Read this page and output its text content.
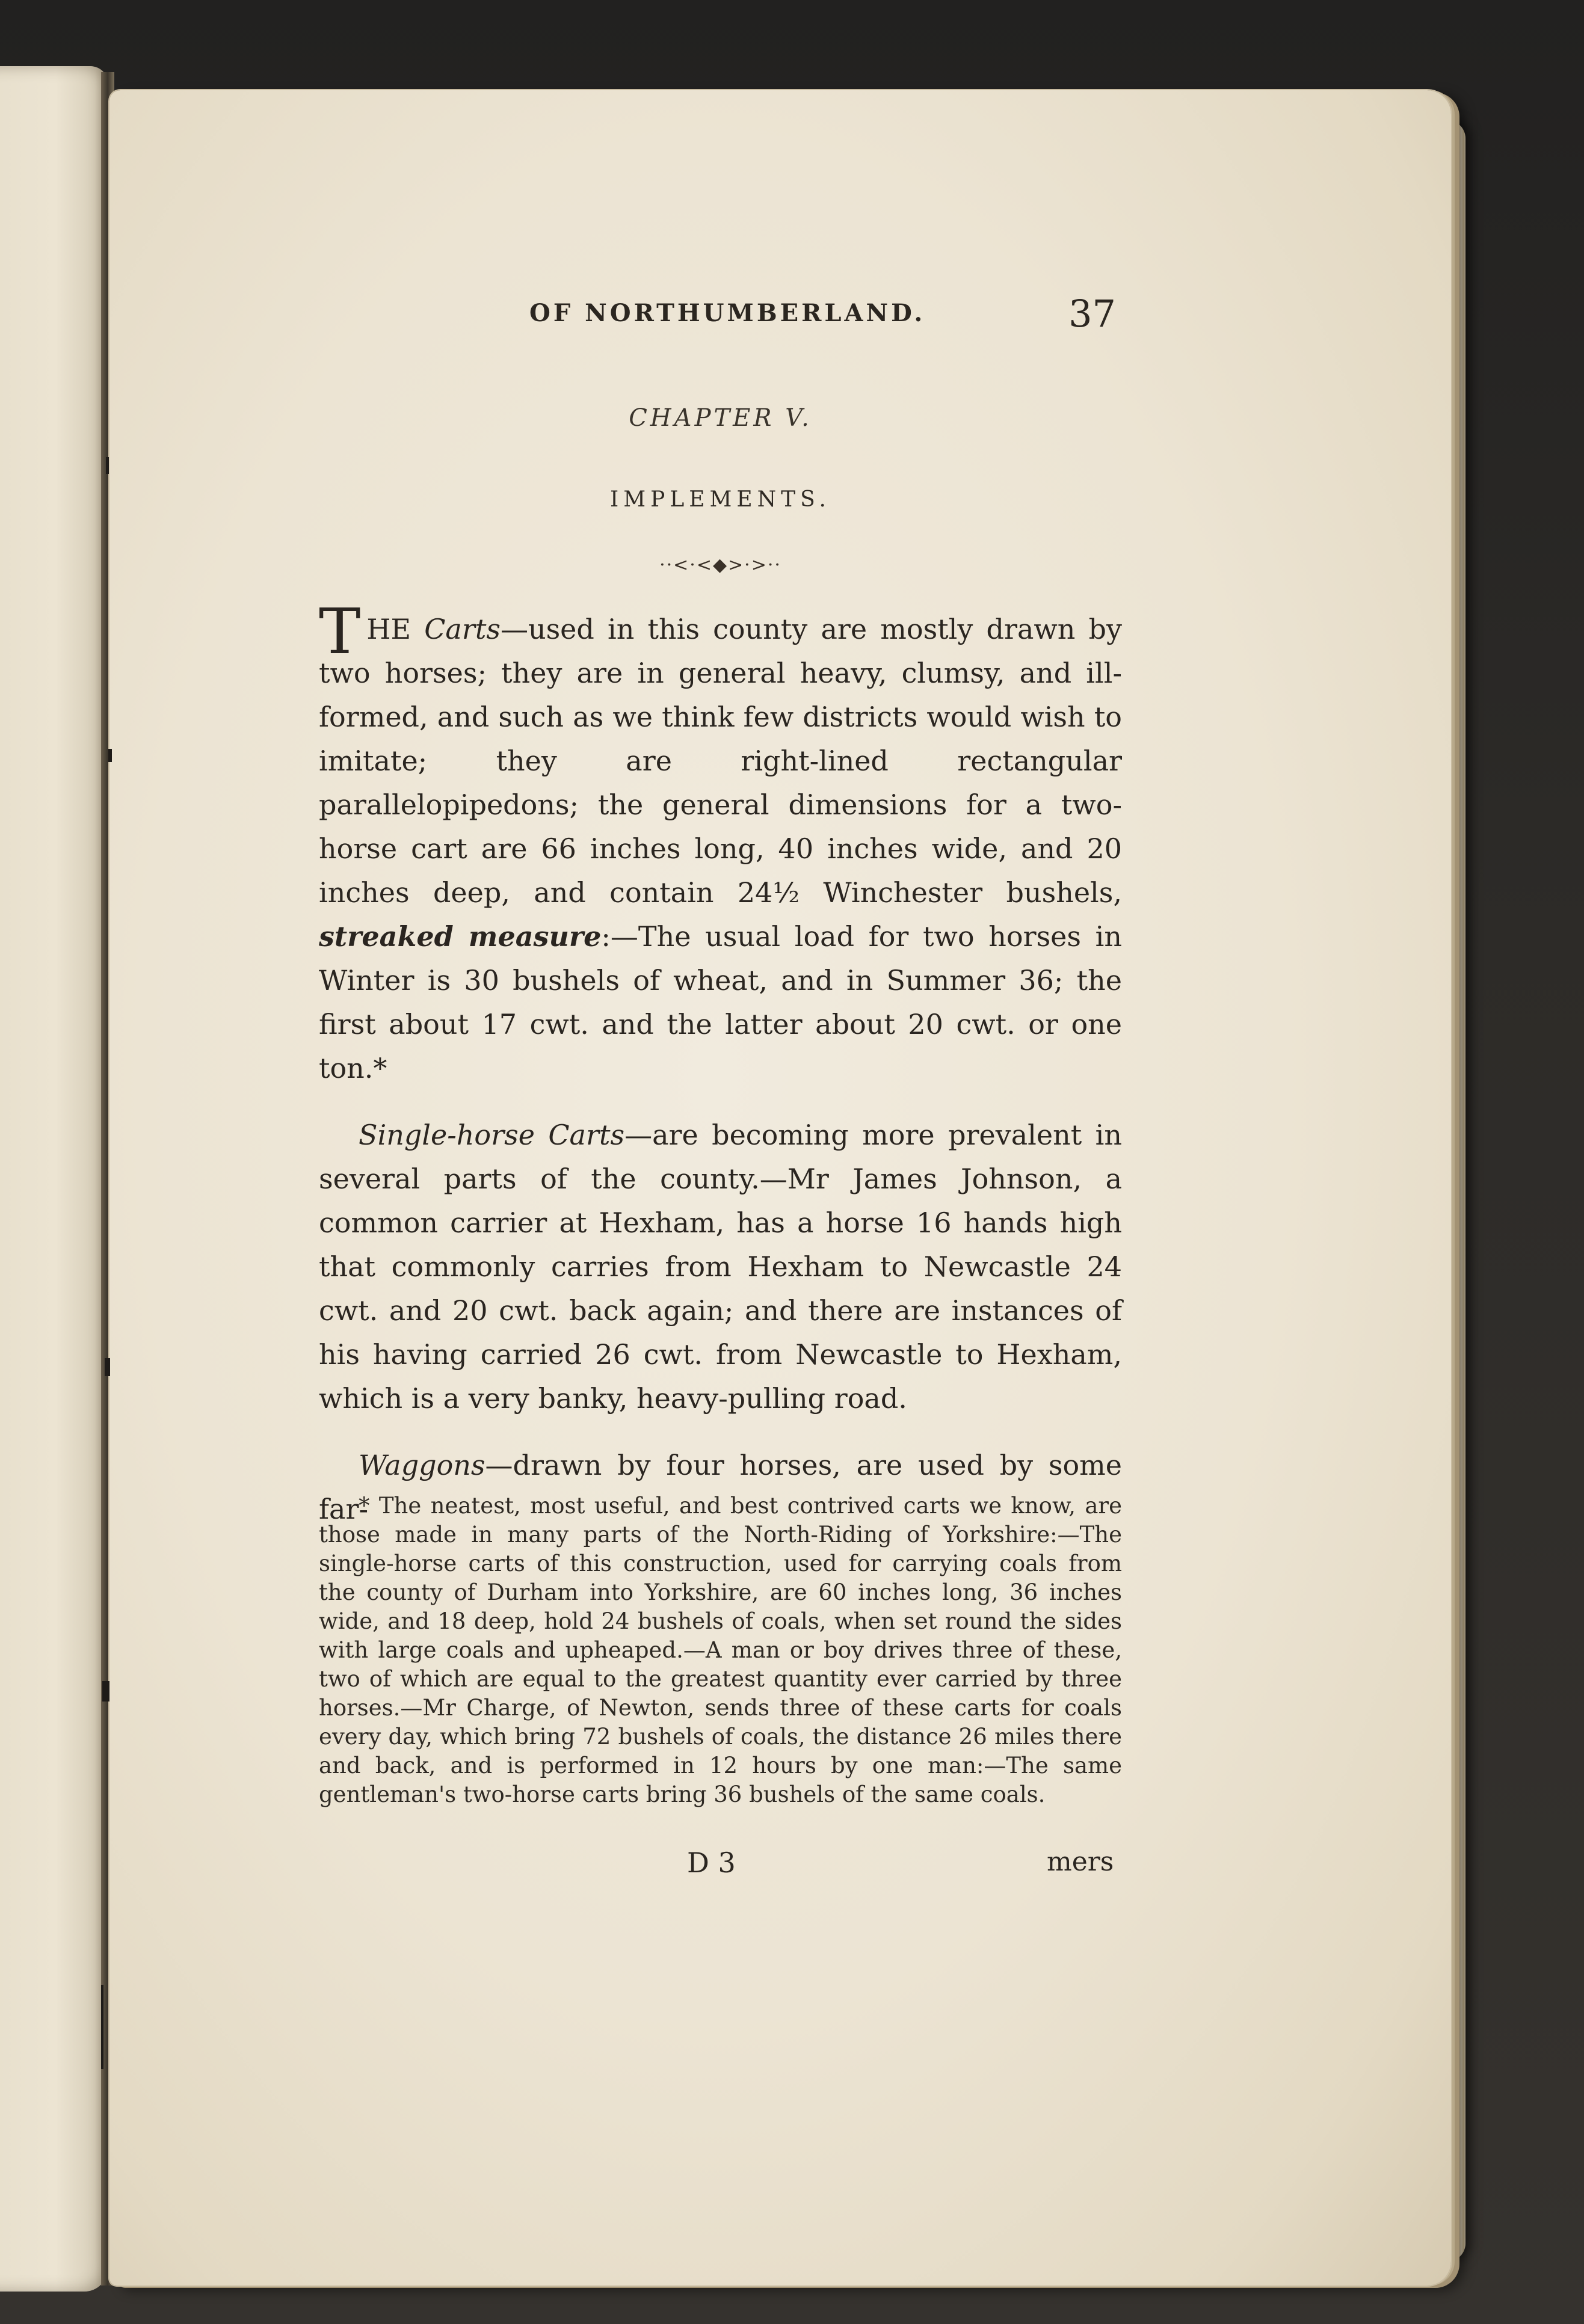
OF NORTHUMBERLAND.	37
CHAPTER V.
IMPLEMENTS.
··<·<◆>·>··

THE Carts—used in this county are mostly drawn by two horses; they are in general heavy, clumsy, and ill-formed, and such as we think few districts would wish to imitate; they are right-lined rectangular parallelopipedons; the general dimensions for a two-horse cart are 66 inches long, 40 inches wide, and 20 inches deep, and contain 24½ Winchester bushels, streaked measure:—The usual load for two horses in Winter is 30 bushels of wheat, and in Summer 36; the first about 17 cwt. and the latter about 20 cwt. or one ton.*

Single-horse Carts—are becoming more prevalent in several parts of the county.—Mr James Johnson, a common carrier at Hexham, has a horse 16 hands high that commonly carries from Hexham to Newcastle 24 cwt. and 20 cwt. back again; and there are instances of his having carried 26 cwt. from Newcastle to Hexham, which is a very banky, heavy-pulling road.

Waggons—drawn by four horses, are used by some far-

* The neatest, most useful, and best contrived carts we know, are those made in many parts of the North-Riding of Yorkshire:—The single-horse carts of this construction, used for carrying coals from the county of Durham into Yorkshire, are 60 inches long, 36 inches wide, and 18 deep, hold 24 bushels of coals, when set round the sides with large coals and upheaped.—A man or boy drives three of these, two of which are equal to the greatest quantity ever carried by three horses.—Mr Charge, of Newton, sends three of these carts for coals every day, which bring 72 bushels of coals, the distance 26 miles there and back, and is performed in 12 hours by one man:—The same gentleman's two-horse carts bring 36 bushels of the same coals.

D 3	mers
